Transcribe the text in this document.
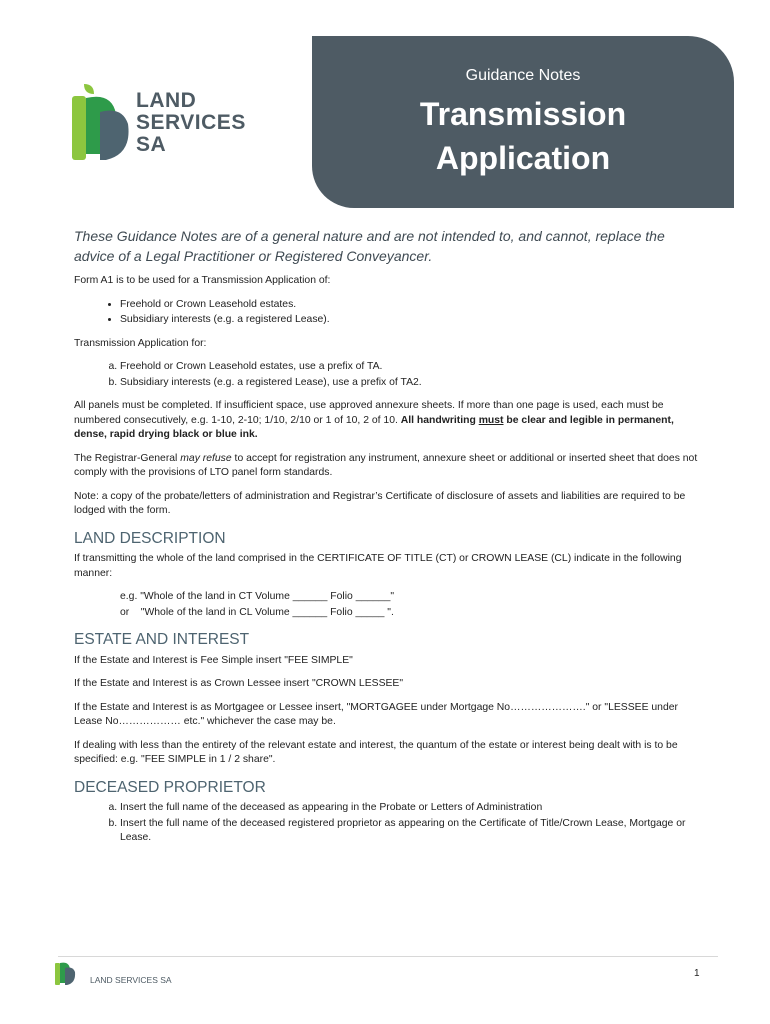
Guidance Notes
Transmission
Application
LAND
SERVICES
SA

These Guidance Notes are of a general nature and are not intended to, and cannot, replace the advice of a Legal Practitioner or Registered Conveyancer.

Form A1 is to be used for a Transmission Application of:

• Freehold or Crown Leasehold estates.
• Subsidiary interests (e.g. a registered Lease).

Transmission Application for:

a. Freehold or Crown Leasehold estates, use a prefix of TA.
b. Subsidiary interests (e.g. a registered Lease), use a prefix of TA2.

All panels must be completed. If insufficient space, use approved annexure sheets. If more than one page is used, each must be numbered consecutively, e.g. 1-10, 2-10; 1/10, 2/10 or 1 of 10, 2 of 10. All handwriting must be clear and legible in permanent, dense, rapid drying black or blue ink.

The Registrar-General may refuse to accept for registration any instrument, annexure sheet or additional or inserted sheet that does not comply with the provisions of LTO panel form standards.

Note: a copy of the probate/letters of administration and Registrar’s Certificate of disclosure of assets and liabilities are required to be lodged with the form.

LAND DESCRIPTION

If transmitting the whole of the land comprised in the CERTIFICATE OF TITLE (CT) or CROWN LEASE (CL) indicate in the following manner:

e.g. "Whole of the land in CT Volume ______ Folio ______"
or    "Whole of the land in CL Volume ______ Folio _____ ".
ESTATE AND INTEREST

If the Estate and Interest is Fee Simple insert "FEE SIMPLE"

If the Estate and Interest is as Crown Lessee insert "CROWN LESSEE"

If the Estate and Interest is as Mortgagee or Lessee insert, "MORTGAGEE under Mortgage No…………………." or "LESSEE under Lease No……………… etc." whichever the case may be.

If dealing with less than the entirety of the relevant estate and interest, the quantum of the estate or interest being dealt with is to be specified: e.g. "FEE SIMPLE in 1 / 2 share".

DECEASED PROPRIETOR
a. Insert the full name of the deceased as appearing in the Probate or Letters of Administration
b. Insert the full name of the deceased registered proprietor as appearing on the Certificate of Title/Crown Lease, Mortgage or Lease.
LAND SERVICES SA
1
